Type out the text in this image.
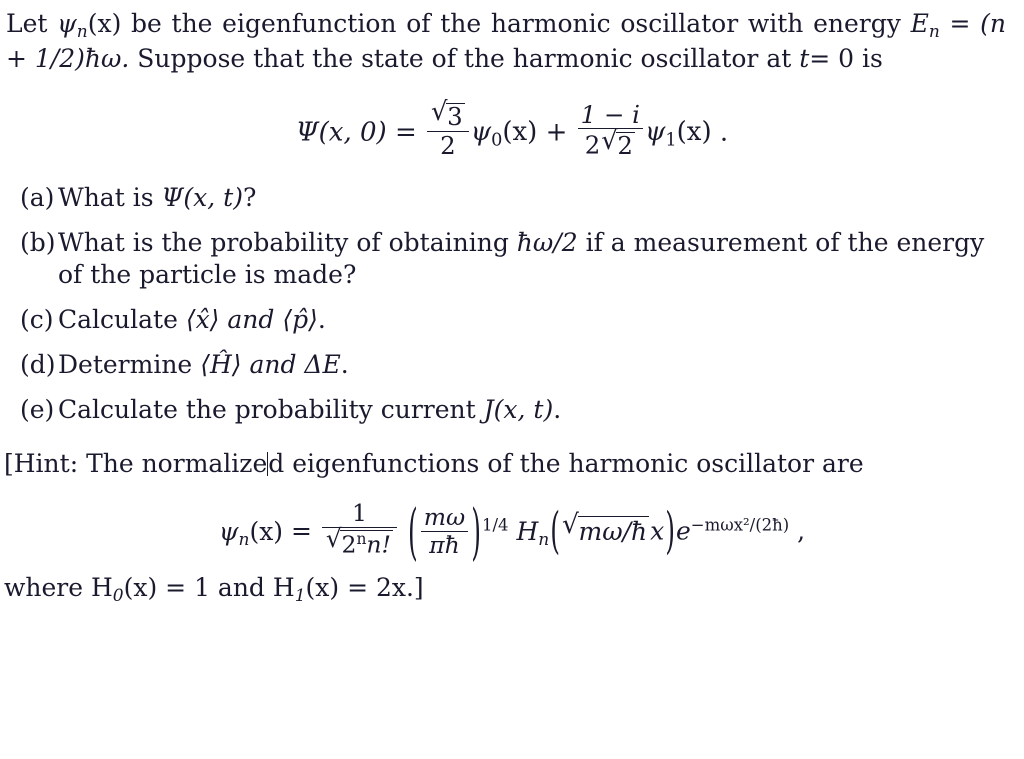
Let $\psi_n(x)$ be the eigenfunction of the harmonic oscillator with energy $E_n = (n$ + 1/2)ħω. Suppose that the state of the harmonic oscillator at t= 0 is

Ψ(x, 0) = √ $\frac{3}{2} \psi_0(x) + \frac{1 - i}{2 √ 2} \psi_1(x)$ .
(a) What is Ψ(x, t)?
(b) What is the probability of obtaining ħω/2 if a measurement of the energy of the particle is made?
(c) Calculate ⟨x̂⟩ and ⟨p̂⟩.
(d) Determine ⟨Ĥ⟩ and ΔE.
(e) Calculate the probability current J(x, t).

[Hint: The normalized eigenfunctions of the harmonic oscillator are

$\psi_n(x) = 1$
√ 2$^n$n! ( $\frac{m\omega}{\pi ħ} )^{1/4}$ $H_n$( √ mω/ħ $x)e^{-m\omega x^2/(2ħ)}$ ,

where $H_0(x) = 1$ and $H_1(x) = 2x$.]
